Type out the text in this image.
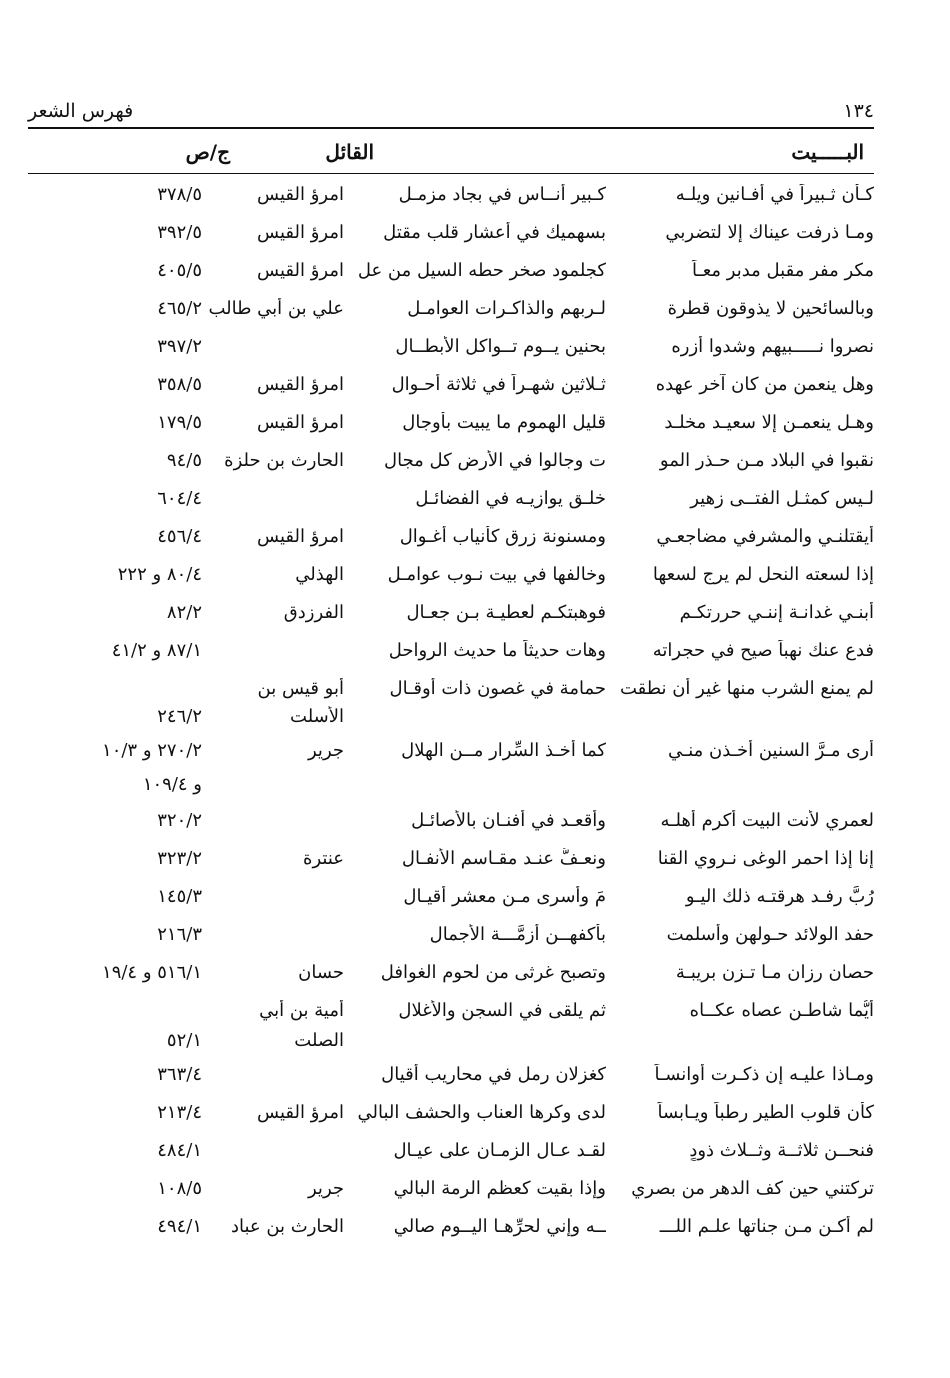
فهرس الشعر	١٣٤
البـــــيت
القائل
ج/ص
كـأن ثـبيراً في أفـانين ويلـه
كـبير أنــاس في بجاد مزمـل
امرؤ القيس
٣٧٨/٥
ومـا ذرفت عيناك إلا لتضربي
بسهميك في أعشار قلب مقتل
امرؤ القيس
٣٩٢/٥
مكر مفر مقبل مدبر معـاً
كجلمود صخر حطه السيل من عل
امرؤ القيس
٤٠٥/٥
وبالسائحين لا يذوقون قطرة
لـربهم والذاكـرات العوامـل
علي بن أبي طالب
٤٦٥/٢
نصروا نـــــبيهم وشدوا أزره
بحنين يــوم تــواكل الأبطــال
٣٩٧/٢
وهل ينعمن من كان آخر عهده
ثـلاثين شهـراً في ثلاثة أحـوال
امرؤ القيس
٣٥٨/٥
وهـل ينعمـن إلا سعيـد مخلـد
قليل الهموم ما يبيت بأوجال
امرؤ القيس
١٧٩/٥
نقبوا في البلاد مـن حـذر المو
ت وجالوا في الأرض كل مجال
الحارث بن حلزة
٩٤/٥
لـيس كمثـل الفتــى زهير
خلـق يوازيـه في الفضائـل
٦٠٤/٤
أيقتلنـي والمشرفي مضاجعـي
ومسنونة زرق كأنياب أغـوال
امرؤ القيس
٤٥٦/٤
إذا لسعته النحل لم يرج لسعها
وخالفها في بيت نـوب عوامـل
الهذلي
٨٠/٤ و ٢٢٢
أبنـي غدانـة إننـي حررتكـم
فوهبتكـم لعطيـة بـن جعـال
الفرزدق
٨٢/٢
فدع عنك نهباً صيح في حجراته
وهات حديثاً ما حديث الرواحل
٨٧/١ و ٤١/٢
لم يمنع الشرب منها غير أن نطقت
حمامة في غصون ذات أوقـال
أبو قيس بن
الأسلت
٢٤٦/٢
أرى مـرَّ السنين أخـذن منـي
كما أخـذ السِّرار مــن الهلال
جرير
٢٧٠/٢ و ١٠/٣
و ١٠٩/٤
لعمري لأنت البيت أكرم أهلـه
وأقعـد في أفنـان بالأصائـل
٣٢٠/٢
إنا إذا احمر الوغى نـروي القنا
ونعـفُّ عنـد مقـاسم الأنفـال
عنترة
٣٢٣/٢
رُبَّ رفـد هرقتـه ذلك اليـو
مَ وأسرى مـن معشر أقيـال
١٤٥/٣
حفد الولائد حـولهن وأسلمت
بأكفهــن أزمَّـــة الأجمال
٢١٦/٣
حصان رزان مـا تـزن بريبـة
وتصبح غرثى من لحوم الغوافل
حسان
٥١٦/١ و ١٩/٤
أيُّما شاطـنٍ عصاه عكــاه
ثم يلقى في السجن والأغلال
أمية بن أبي
الصلت
٥٢/١
ومـاذا عليـه إن ذكـرت أوانسـاً
كغزلان رمل في محاريب أقيال
٣٦٣/٤
كأن قلوب الطير رطباً ويـابساً
لدى وكرها العناب والحشف البالي
امرؤ القيس
٢١٣/٤
فنحــن ثلاثــة وثــلاث ذودٍ
لقـد عـال الزمـان على عيـال
٤٨٤/١
تركتني حين كف الدهر من بصري
وإذا بقيت كعظم الرمة البالي
جرير
١٠٨/٥
لم أكـن مـن جناتها علـم اللـــ
ــه وإني لحرِّهـا اليــوم صالي
الحارث بن عباد
٤٩٤/١
